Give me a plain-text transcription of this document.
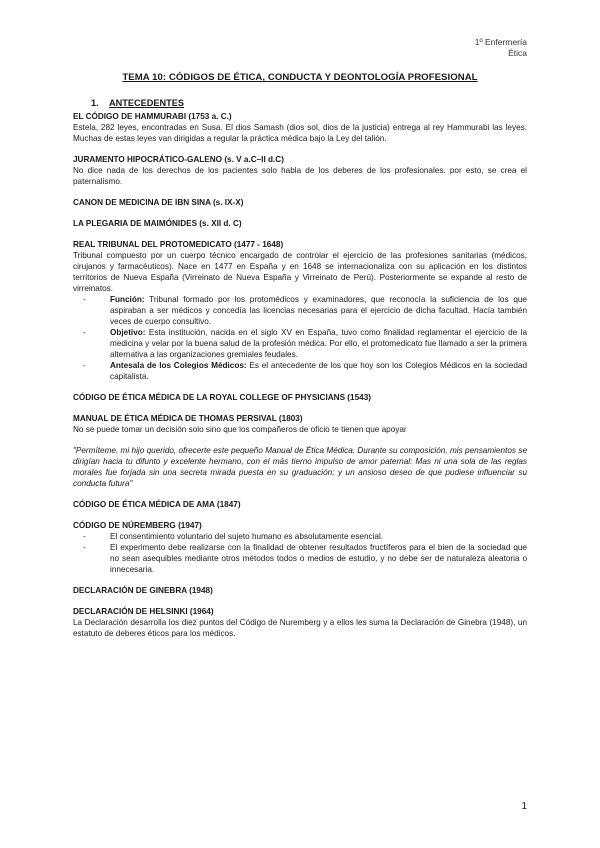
1º Enfermería
Ética
TEMA 10: CÓDIGOS DE ÉTICA, CONDUCTA Y DEONTOLOGÍA PROFESIONAL
1. ANTECEDENTES

EL CÓDIGO DE HAMMURABI (1753 a. C.)

Estela, 282 leyes, encontradas en Susa. El dios Samash (dios sol, dios de la justicia) entrega al rey Hammurabi las leyes. Muchas de estas leyes van dirigidas a regular la práctica médica bajo la Ley del talión.

JURAMENTO HIPOCRÁTICO-GALENO (s. V a.C–II d.C)

No dice nada de los derechos de los pacientes solo habla de los deberes de los profesionales. por esto, se crea el paternalismo.

CANON DE MEDICINA DE IBN SINA (s. IX-X)

LA PLEGARIA DE MAIMÓNIDES (s. XII d. C)

REAL TRIBUNAL DEL PROTOMEDICATO (1477 - 1648)

Tribunal compuesto por un cuerpo técnico encargado de controlar el ejercicio de las profesiones sanitarias (médicos, cirujanos y farmacéuticos). Nace en 1477 en España y en 1648 se internacionaliza con su aplicación en los distintos territorios de Nueva España (Virreinato de Nueva España y Virreinato de Perú). Posteriormente se expande al resto de virreinatos.

- Función: Tribunal formado por los protomédicos y examinadores, que reconocía la suficiencia de los que aspiraban a ser médicos y concedía las licencias necesarias para el ejercicio de dicha facultad. Hacía también veces de cuerpo consultivo.
- Objetivo: Esta institución, nacida en el siglo XV en España, tuvo como finalidad reglamentar el ejercicio de la medicina y velar por la buena salud de la profesión médica. Por ello, el protomedicato fue llamado a ser la primera alternativa a las organizaciones gremiales feudales.
- Antesala de los Colegios Médicos: Es el antecedente de los que hoy son los Colegios Médicos en la sociedad capitalista.

CÓDIGO DE ÉTICA MÉDICA DE LA ROYAL COLLEGE OF PHYSICIANS (1543)

MANUAL DE ÉTICA MÉDICA DE THOMAS PERSIVAL (1803)

No se puede tomar un decisión solo sino que los compañeros de oficio te tienen que apoyar

"Permíteme, mi hijo querido, ofrecerte este pequeño Manual de Ética Médica. Durante su composición, mis pensamientos se dirigían hacia tu difunto y excelente hermano, con el más tierno impulso de amor paternal: Mas ni una sola de las reglas morales fue forjada sin una secreta mirada puesta en su graduación; y un ansioso deseo de que pudiese influenciar su conducta futura"

CÓDIGO DE ÉTICA MÉDICA DE AMA (1847)

CÓDIGO DE NÚREMBERG (1947)

- El consentimiento voluntario del sujeto humano es absolutamente esencial.
- El experimento debe realizarse con la finalidad de obtener resultados fructíferos para el bien de la sociedad que no sean asequibles mediante otros métodos todos o medios de estudio, y no debe ser de naturaleza aleatoria o innecesaria.

DECLARACIÓN DE GINEBRA (1948)

DECLARACIÓN DE HELSINKI (1964)

La Declaración desarrolla los diez puntos del Código de Nuremberg y a ellos les suma la Declaración de Ginebra (1948), un estatuto de deberes éticos para los médicos.

1
